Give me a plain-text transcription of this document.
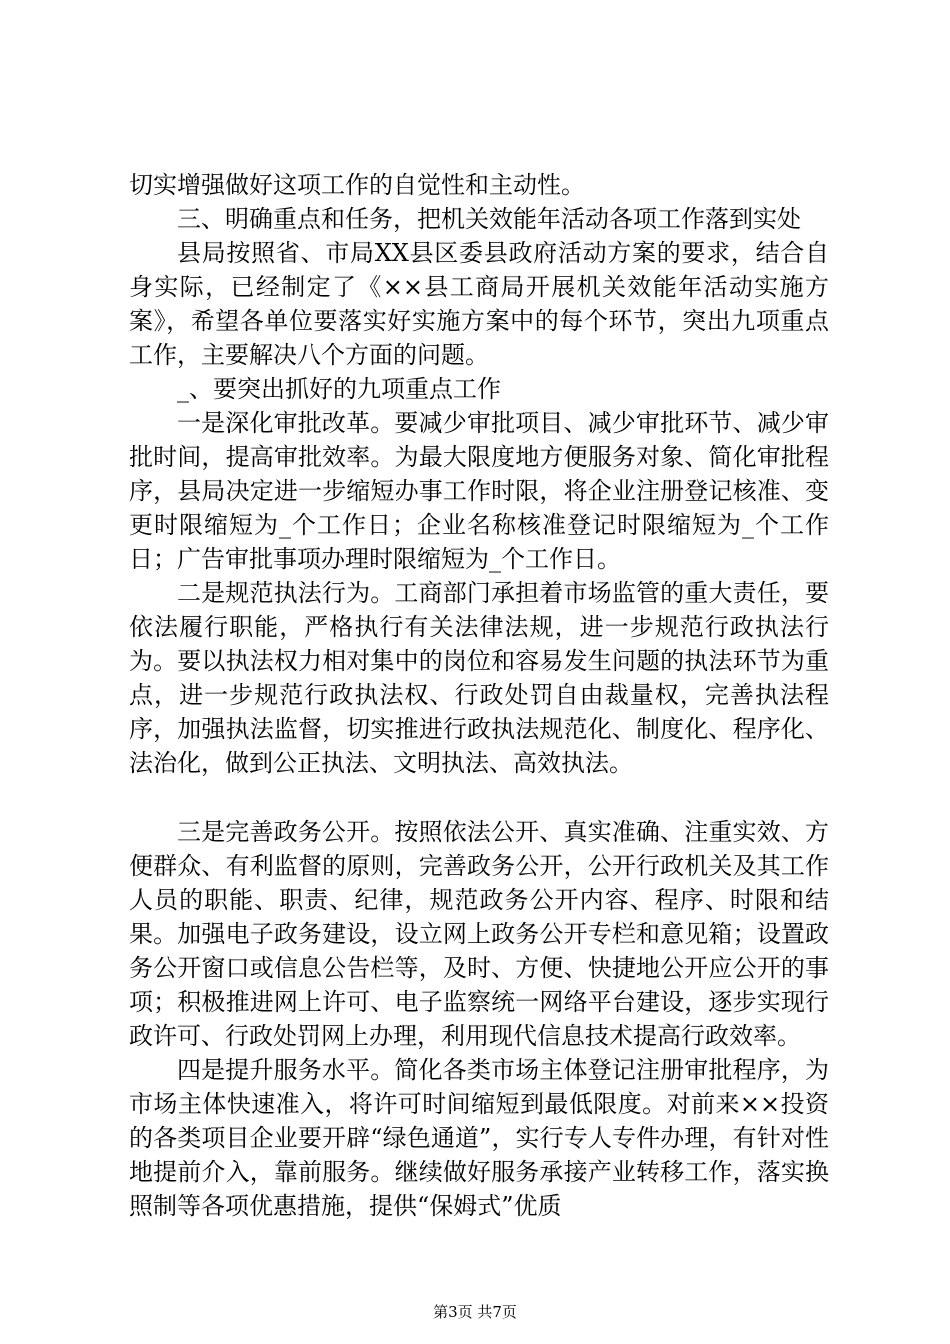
切实增强做好这项工作的自觉性和主动性。

三、明确重点和任务，把机关效能年活动各项工作落到实处

县局按照省、市局XX县区委县政府活动方案的要求，结合自身实际，已经制定了《××县工商局开展机关效能年活动实施方案》，希望各单位要落实好实施方案中的每个环节，突出九项重点工作，主要解决八个方面的问题。

_、要突出抓好的九项重点工作

一是深化审批改革。要减少审批项目、减少审批环节、减少审批时间，提高审批效率。为最大限度地方便服务对象、简化审批程序，县局决定进一步缩短办事工作时限，将企业注册登记核准、变更时限缩短为_个工作日；企业名称核准登记时限缩短为_个工作日；广告审批事项办理时限缩短为_个工作日。

二是规范执法行为。工商部门承担着市场监管的重大责任，要依法履行职能，严格执行有关法律法规，进一步规范行政执法行为。要以执法权力相对集中的岗位和容易发生问题的执法环节为重点，进一步规范行政执法权、行政处罚自由裁量权，完善执法程序，加强执法监督，切实推进行政执法规范化、制度化、程序化、法治化，做到公正执法、文明执法、高效执法。

三是完善政务公开。按照依法公开、真实准确、注重实效、方便群众、有利监督的原则，完善政务公开，公开行政机关及其工作人员的职能、职责、纪律，规范政务公开内容、程序、时限和结果。加强电子政务建设，设立网上政务公开专栏和意见箱；设置政务公开窗口或信息公告栏等，及时、方便、快捷地公开应公开的事项；积极推进网上许可、电子监察统一网络平台建设，逐步实现行政许可、行政处罚网上办理，利用现代信息技术提高行政效率。

四是提升服务水平。简化各类市场主体登记注册审批程序，为市场主体快速准入，将许可时间缩短到最低限度。对前来××投资的各类项目企业要开辟“绿色通道”，实行专人专件办理，有针对性地提前介入，靠前服务。继续做好服务承接产业转移工作，落实换照制等各项优惠措施，提供“保姆式”优质

第3页 共7页
